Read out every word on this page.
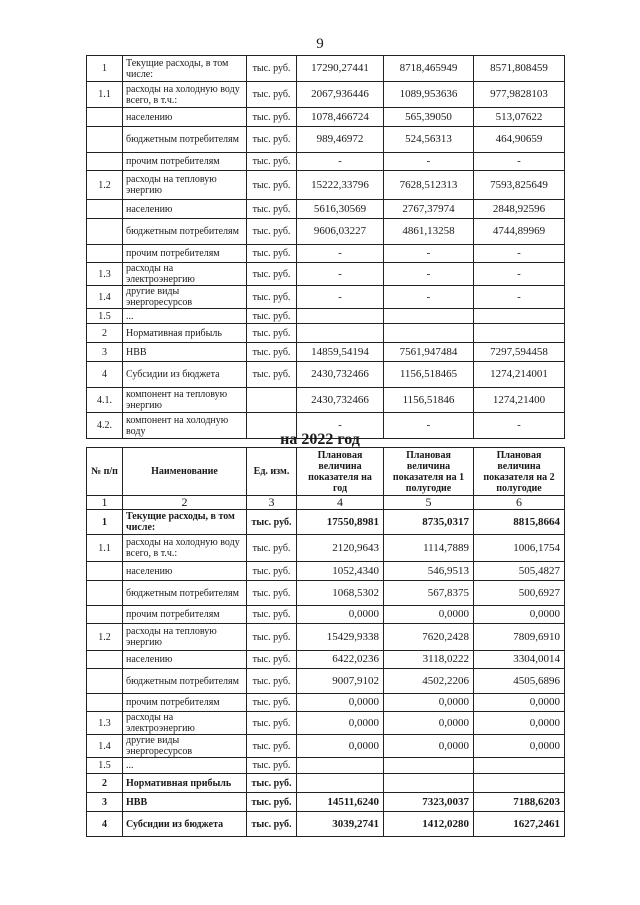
9
1	Текущие расходы, в том числе:	тыс. руб.	17290,27441	8718,465949	8571,808459
1.1	расходы на холодную воду всего, в т.ч.:	тыс. руб.	2067,936446	1089,953636	977,9828103
	населению	тыс. руб.	1078,466724	565,39050	513,07622
	бюджетным потребителям	тыс. руб.	989,46972	524,56313	464,90659
	прочим потребителям	тыс. руб.	-	-	-
1.2	расходы на тепловую энергию	тыс. руб.	15222,33796	7628,512313	7593,825649
	населению	тыс. руб.	5616,30569	2767,37974	2848,92596
	бюджетным потребителям	тыс. руб.	9606,03227	4861,13258	4744,89969
	прочим потребителям	тыс. руб.	-	-	-
1.3	расходы на электроэнергию	тыс. руб.	-	-	-
1.4	другие виды энергоресурсов	тыс. руб.	-	-	-
1.5	...	тыс. руб.			
2	Нормативная прибыль	тыс. руб.			
3	НВВ	тыс. руб.	14859,54194	7561,947484	7297,594458
4	Субсидии из бюджета	тыс. руб.	2430,732466	1156,518465	1274,214001
4.1.	компонент на тепловую энергию		2430,732466	1156,51846	1274,21400
4.2.	компонент на холодную воду		-	-	-
на 2022 год
№ п/п	Наименование	Ед. изм.	Плановая величина показателя на год	Плановая величина показателя на 1 полугодие	Плановая величина показателя на 2 полугодие
1	2	3	4	5	6
1	Текущие расходы, в том числе:	тыс. руб.	17550,8981	8735,0317	8815,8664
1.1	расходы на холодную воду всего, в т.ч.:	тыс. руб.	2120,9643	1114,7889	1006,1754
	населению	тыс. руб.	1052,4340	546,9513	505,4827
	бюджетным потребителям	тыс. руб.	1068,5302	567,8375	500,6927
	прочим потребителям	тыс. руб.	0,0000	0,0000	0,0000
1.2	расходы на тепловую энергию	тыс. руб.	15429,9338	7620,2428	7809,6910
	населению	тыс. руб.	6422,0236	3118,0222	3304,0014
	бюджетным потребителям	тыс. руб.	9007,9102	4502,2206	4505,6896
	прочим потребителям	тыс. руб.	0,0000	0,0000	0,0000
1.3	расходы на электроэнергию	тыс. руб.	0,0000	0,0000	0,0000
1.4	другие виды энергоресурсов	тыс. руб.	0,0000	0,0000	0,0000
1.5	...	тыс. руб.			
2	Нормативная прибыль	тыс. руб.			
3	НВВ	тыс. руб.	14511,6240	7323,0037	7188,6203
4	Субсидии из бюджета	тыс. руб.	3039,2741	1412,0280	1627,2461
